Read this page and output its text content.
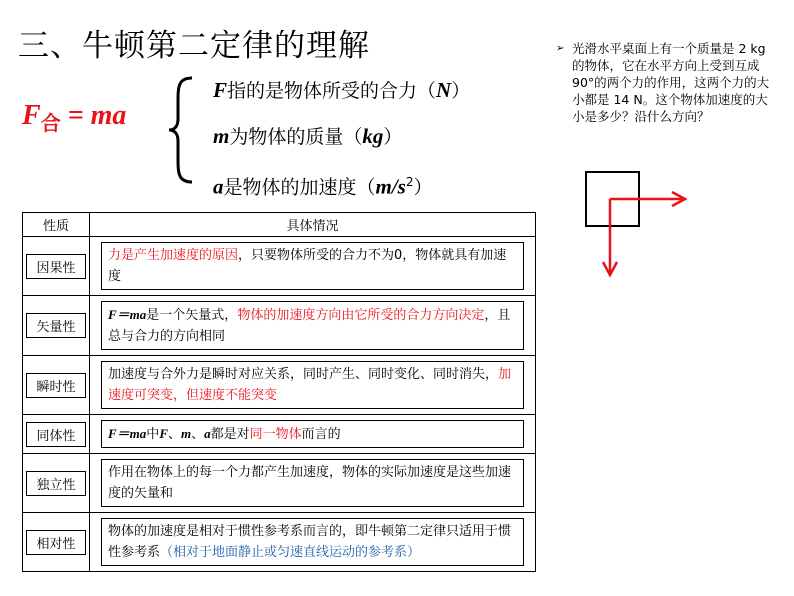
三、牛顿第二定律的理解
$F_合$ = ma
F指的是物体所受的合力（N）
m为物体的质量（kg）
a是物体的加速度$(m/s^2)$
性质	具体情况

因果性	力是产生加速度的原因，只要物体所受的合力不为0，物体就具有加速度

矢量性	F＝ma是一个矢量式，物体的加速度方向由它所受的合力方向决定，且总与合力的方向相同

瞬时性	加速度与合外力是瞬时对应关系，同时产生、同时变化、同时消失，加速度可突变，但速度不能突变

同体性	F＝ma中F、m、a都是对同一物体而言的

独立性	作用在物体上的每一个力都产生加速度，物体的实际加速度是这些加速度的矢量和

相对性	物体的加速度是相对于惯性参考系而言的，即牛顿第二定律只适用于惯性参考系（相对于地面静止或匀速直线运动的参考系）
➢ 光滑水平桌面上有一个质量是 2 kg 的物体，它在水平方向上受到互成 90°的两个力的作用，这两个力的大小都是 14 N。这个物体加速度的大小是多少？沿什么方向？
